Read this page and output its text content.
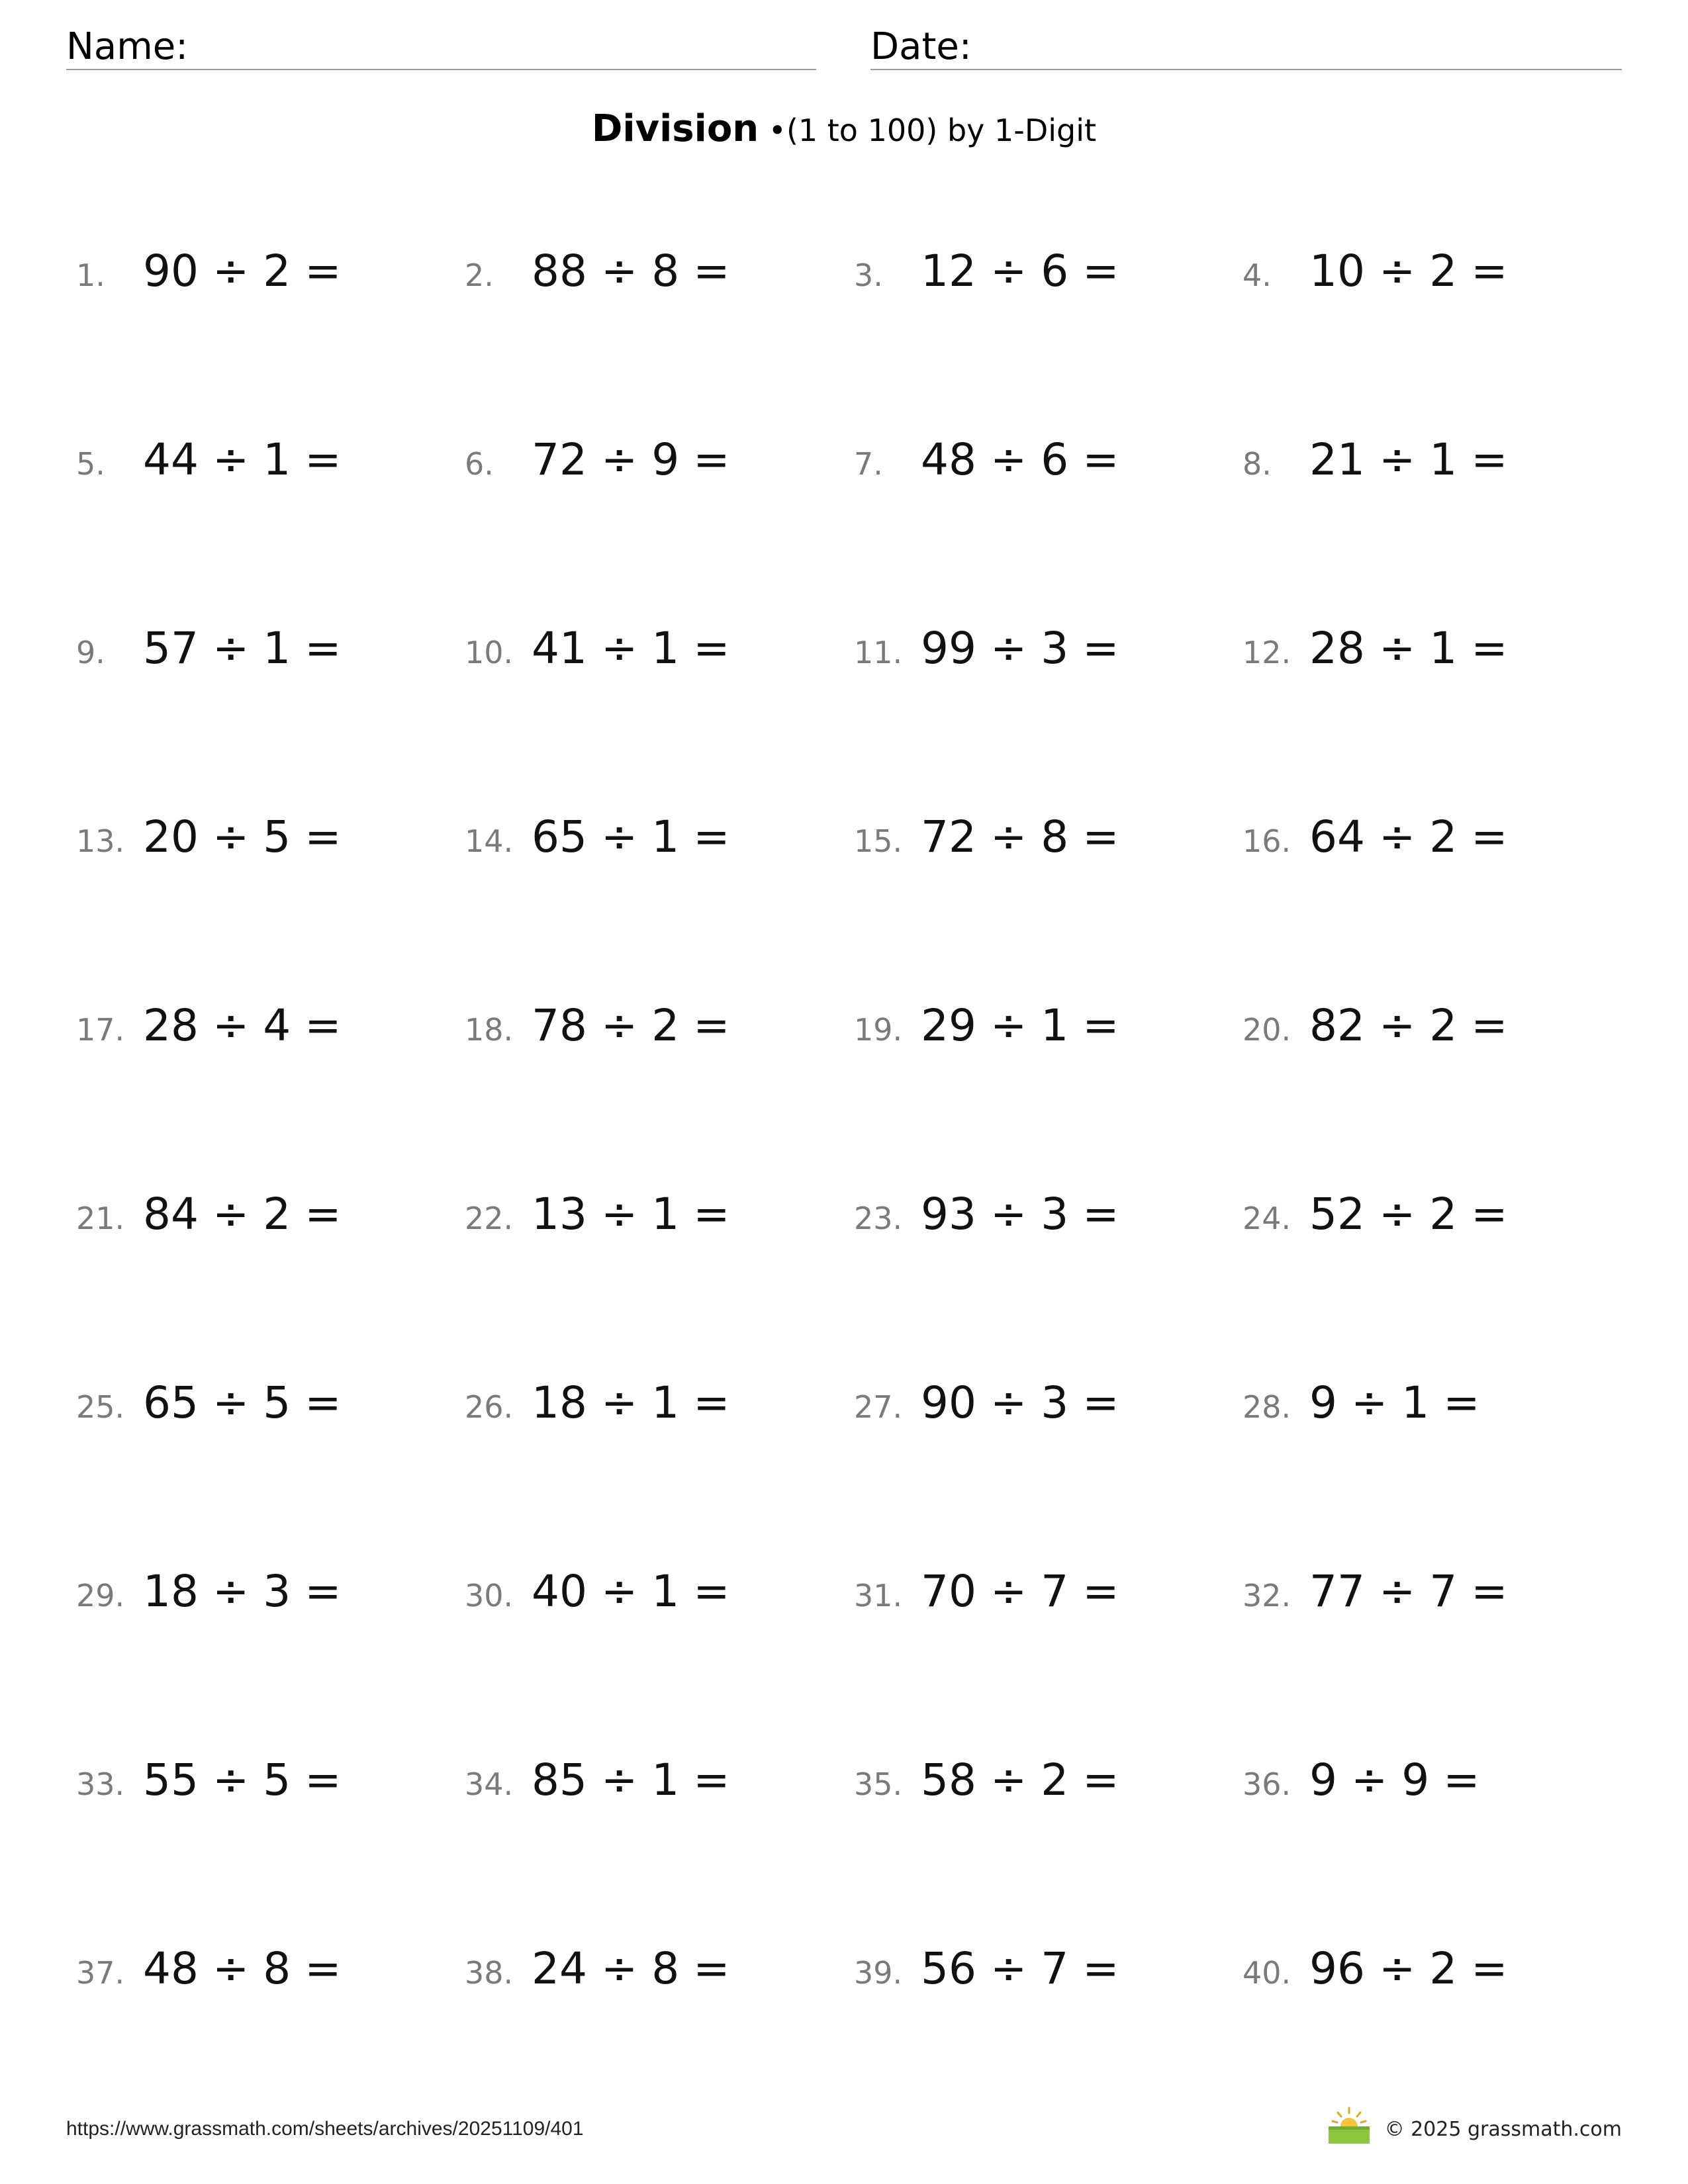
Name:	Date:
Division •(1 to 100) by 1-Digit
1. 90 ÷ 2 =	2. 88 ÷ 8 =	3. 12 ÷ 6 =	4. 10 ÷ 2 =
5. 44 ÷ 1 =	6. 72 ÷ 9 =	7. 48 ÷ 6 =	8. 21 ÷ 1 =
9. 57 ÷ 1 =	10. 41 ÷ 1 =	11. 99 ÷ 3 =	12. 28 ÷ 1 =
13. 20 ÷ 5 =	14. 65 ÷ 1 =	15. 72 ÷ 8 =	16. 64 ÷ 2 =
17. 28 ÷ 4 =	18. 78 ÷ 2 =	19. 29 ÷ 1 =	20. 82 ÷ 2 =
21. 84 ÷ 2 =	22. 13 ÷ 1 =	23. 93 ÷ 3 =	24. 52 ÷ 2 =
25. 65 ÷ 5 =	26. 18 ÷ 1 =	27. 90 ÷ 3 =	28. 9 ÷ 1 =
29. 18 ÷ 3 =	30. 40 ÷ 1 =	31. 70 ÷ 7 =	32. 77 ÷ 7 =
33. 55 ÷ 5 =	34. 85 ÷ 1 =	35. 58 ÷ 2 =	36. 9 ÷ 9 =
37. 48 ÷ 8 =	38. 24 ÷ 8 =	39. 56 ÷ 7 =	40. 96 ÷ 2 =
https://www.grassmath.com/sheets/archives/20251109/401	© 2025 grassmath.com
